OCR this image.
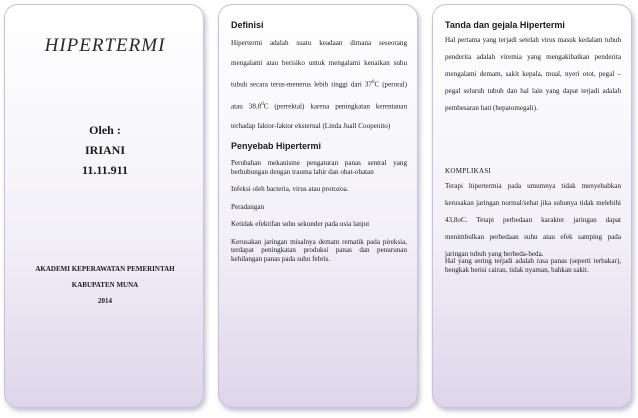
HIPERTERMI
Oleh :
IRIANI
11.11.911
AKADEMI KEPERAWATAN PEMERINTAH
KABUPATEN MUNA
2014
Definisi
Hipertermi adalah suatu keadaan dimana seseorang mengalami atau berisiko untuk mengalami kenaikan suhu tubuh secara terus-menerus lebih tinggi dari $37^0C$ (peroral) atau 38.8$^0$C (perrektal) karena peningkatan kerentanan terhadap faktor-faktor eksternal (Linda Juall Coopenito)
Penyebab Hipertermi

Perubahan mekanisme pengaturan panas sentral yang berhubungan dengan trauma lahir dan obat-obatan

Infeksi oleh bacteria, virus atau protozoa.

Peradangan

Ketidak efektifan suhu sekunder pada usia lanjut

Kerusakan jaringan misalnya demam rematik pada pireksia, terdapat peningkatan produksi panas dan penurunan kehilangan panas pada suhu febris.

Tanda dan gejala Hipertermi
Hal pertama yang terjadi setelah virus masuk kedalam tubuh penderita adalah viremia yang mengakibatkan penderita mengalami demam, sakit kepala, mual, nyeri otot, pegal – pegal seluruh tubuh dan hal lain yang dapat terjadi adalah pembesaran hati (hepatomegali).
KOMPLIKASI
Terapi hipertermia pada umumnya tidak menyebabkan kerusakan jaringan normal/sehat jika suhunya tidak melebihi 43,8oC. Tetapi perbedaan karakter jaringan dapat menimbulkan perbedaan suhu atau efek samping pada jaringan tubuh yang berbeda-beda.
Hal yang sering terjadi adalah rasa panas (seperti terbakar), bengkak berisi cairan, tidak nyaman, bahkan sakit.
